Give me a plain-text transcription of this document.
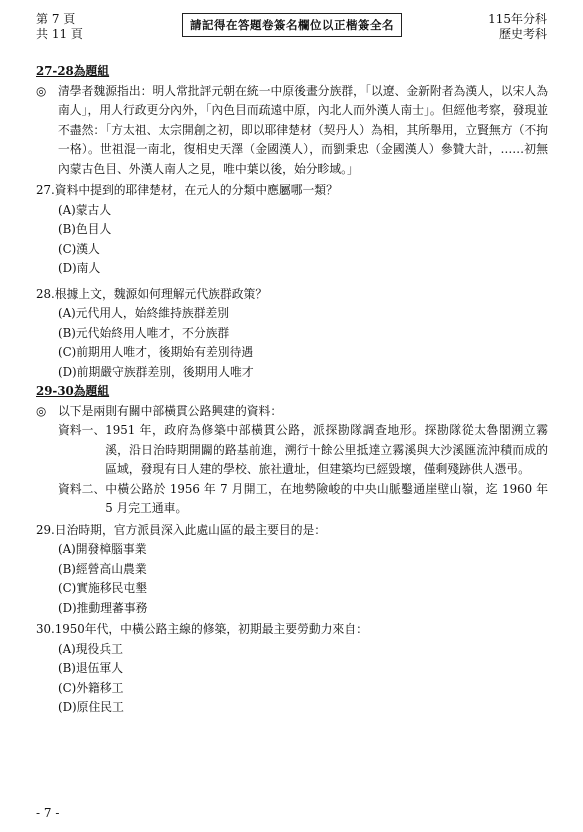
第 7 頁
共 11 頁
請記得在答題卷簽名欄位以正楷簽全名	115年分科
歷史考科
27-28為題組
◎ 清學者魏源指出：明人常批評元朝在統一中原後畫分族群，「以遼、金新附者為漢人，以宋人為南人」，用人行政更分內外，「內色目而疏遠中原，內北人而外漢人南士」。但經他考察，發現並不盡然：「方太祖、太宗開創之初，即以耶律楚材（契丹人）為相，其所舉用，立賢無方（不拘一格）。世祖混一南北，復相史天澤（金國漢人），而劉秉忠（金國漢人）參贊大計，……初無內蒙古色目、外漢人南人之見，唯中葉以後，始分畛域。」
27. 資料中提到的耶律楚材，在元人的分類中應屬哪一類？
(A)蒙古人
(B)色目人
(C)漢人
(D)南人
28. 根據上文，魏源如何理解元代族群政策？
(A)元代用人，始終維持族群差別
(B)元代始終用人唯才，不分族群
(C)前期用人唯才，後期始有差別待遇
(D)前期嚴守族群差別，後期用人唯才
29-30為題組
◎ 以下是兩則有關中部橫貫公路興建的資料：
資料一、 1951 年，政府為修築中部橫貫公路，派探勘隊調查地形。探勘隊從太魯閣溯立霧溪，沿日治時期開闢的路基前進，溯行十餘公里抵達立霧溪與大沙溪匯流沖積而成的區域，發現有日人建的學校、旅社遺址，但建築均已經毀壞，僅剩殘跡供人憑弔。
資料二、 中橫公路於 1956 年 7 月開工，在地勢險峻的中央山脈鑿通崖壁山嶺，迄 1960 年 5 月完工通車。
29. 日治時期，官方派員深入此處山區的最主要目的是：
(A)開發樟腦事業
(B)經營高山農業
(C)實施移民屯墾
(D)推動理蕃事務
30. 1950年代，中橫公路主線的修築，初期最主要勞動力來自：
(A)現役兵工
(B)退伍軍人
(C)外籍移工
(D)原住民工
- 7 -
